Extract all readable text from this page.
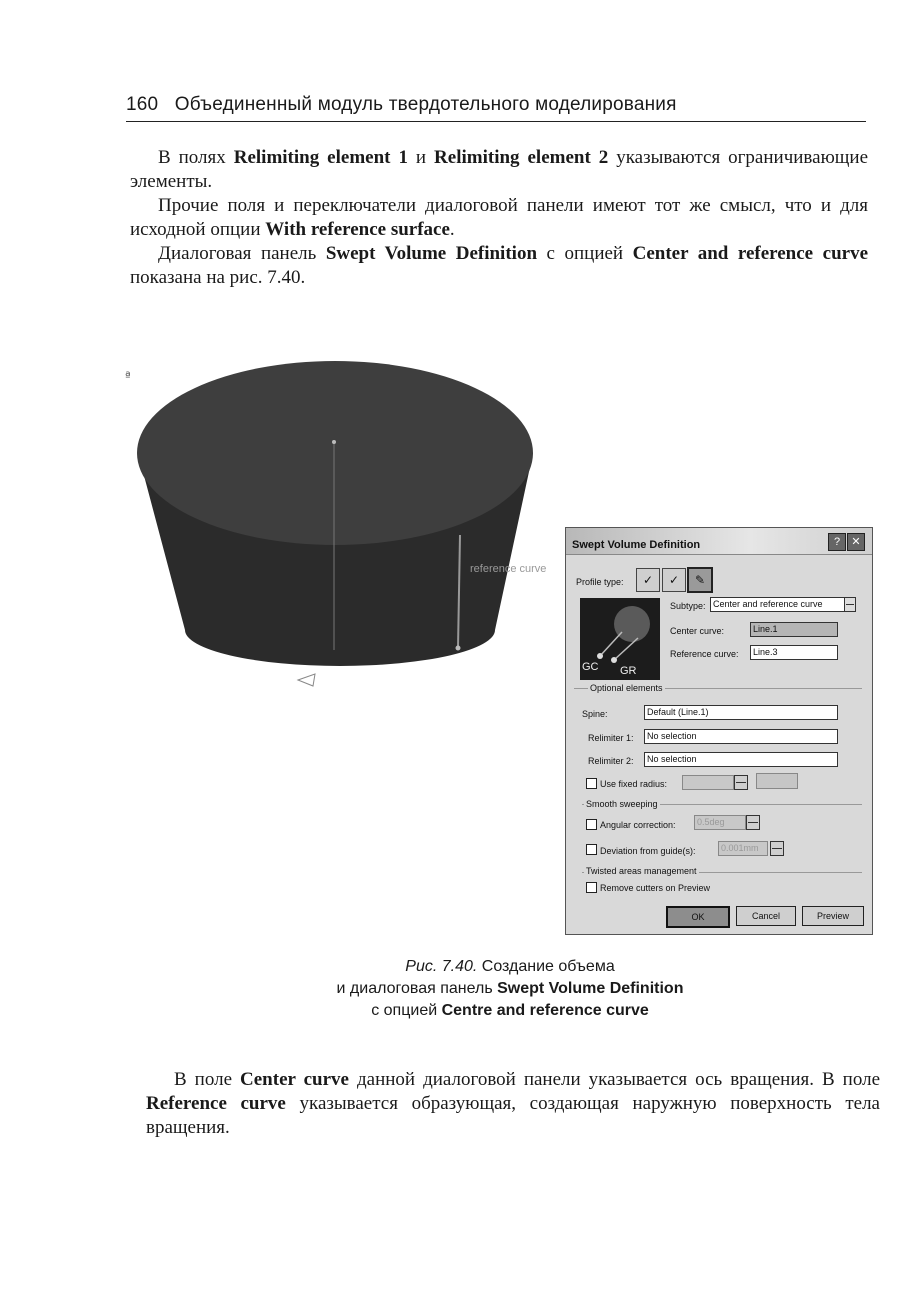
160 Объединенный модуль твердотельного моделирования

В полях Relimiting element 1 и Relimiting element 2 указываются ограничивающие элементы.

Прочие поля и переключатели диалоговой панели имеют тот же смысл, что и для исходной опции With reference surface.

Диалоговая панель Swept Volume Definition с опцией Center and reference curve показана на рис. 7.40.

ª
reference curve
Swept Volume Definition	?	✕
Profile type:	✓	✓	✎
GC GR
Subtype: Center and reference curve
Center curve:	Line.1
Reference curve:	Line.3
Optional elements
Spine:	Default (Line.1)
Relimiter 1:	No selection
Relimiter 2:	No selection
Use fixed radius:
Smooth sweeping
Angular correction:	0.5deg
Deviation from guide(s):	0.001mm
Twisted areas management
Remove cutters on Preview
OK	Cancel	Preview
Рис. 7.40. Создание объема
и диалоговая панель Swept Volume Definition
с опцией Centre and reference curve

В поле Center curve данной диалоговой панели указывается ось вращения. В поле Reference curve указывается образующая, создающая наружную поверхность тела вращения.
